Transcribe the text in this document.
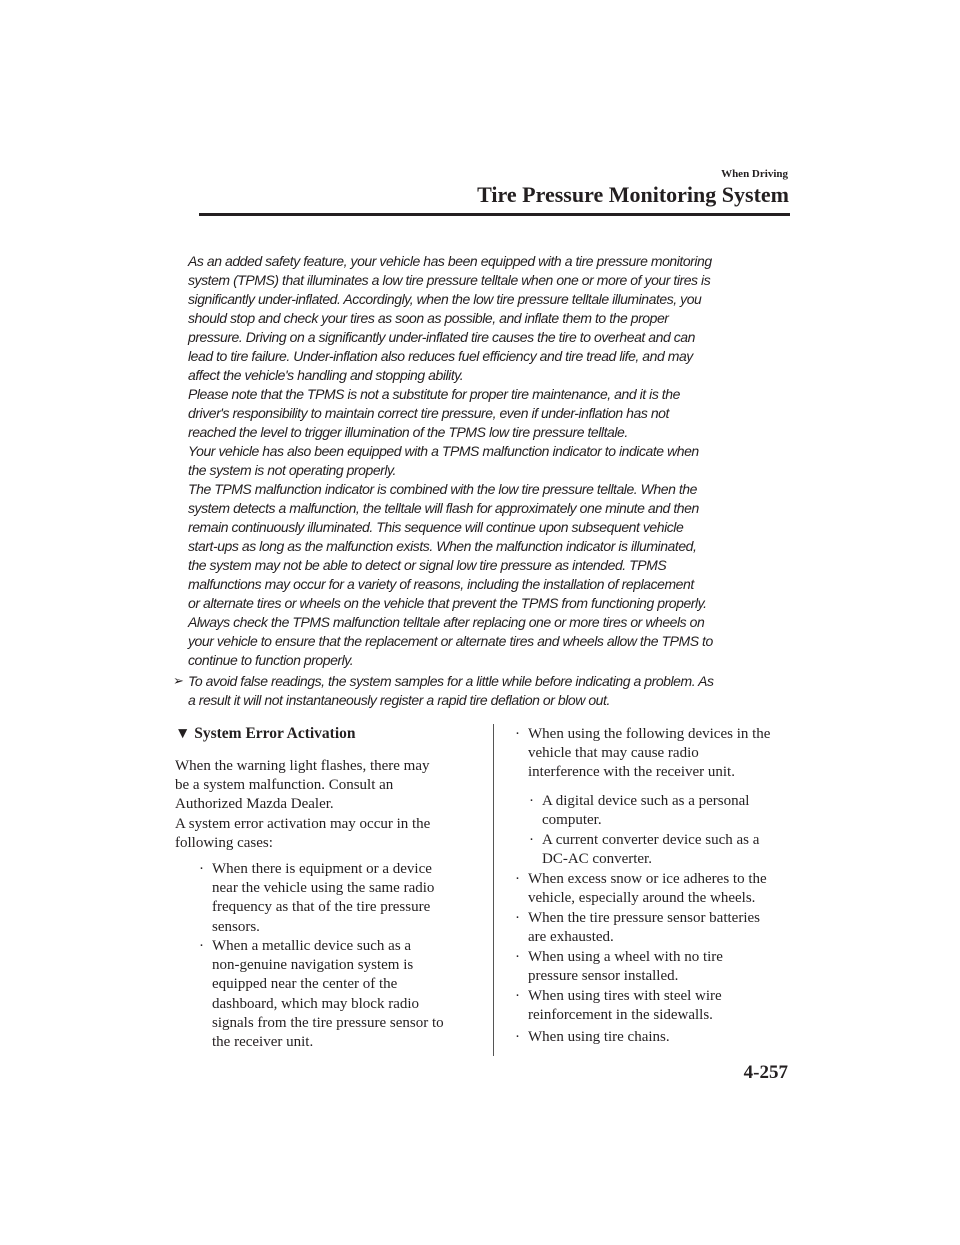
When Driving
Tire Pressure Monitoring System
As an added safety feature, your vehicle has been equipped with a tire pressure monitoring
system (TPMS) that illuminates a low tire pressure telltale when one or more of your tires is
significantly under-inflated. Accordingly, when the low tire pressure telltale illuminates, you
should stop and check your tires as soon as possible, and inflate them to the proper
pressure. Driving on a significantly under-inflated tire causes the tire to overheat and can
lead to tire failure. Under-inflation also reduces fuel efficiency and tire tread life, and may
affect the vehicle's handling and stopping ability.
Please note that the TPMS is not a substitute for proper tire maintenance, and it is the
driver's responsibility to maintain correct tire pressure, even if under-inflation has not
reached the level to trigger illumination of the TPMS low tire pressure telltale.
Your vehicle has also been equipped with a TPMS malfunction indicator to indicate when
the system is not operating properly.
The TPMS malfunction indicator is combined with the low tire pressure telltale. When the
system detects a malfunction, the telltale will flash for approximately one minute and then
remain continuously illuminated. This sequence will continue upon subsequent vehicle
start-ups as long as the malfunction exists. When the malfunction indicator is illuminated,
the system may not be able to detect or signal low tire pressure as intended. TPMS
malfunctions may occur for a variety of reasons, including the installation of replacement
or alternate tires or wheels on the vehicle that prevent the TPMS from functioning properly.
Always check the TPMS malfunction telltale after replacing one or more tires or wheels on
your vehicle to ensure that the replacement or alternate tires and wheels allow the TPMS to
continue to function properly.
➢ To avoid false readings, the system samples for a little while before indicating a problem. As
a result it will not instantaneously register a rapid tire deflation or blow out.
▼ System Error Activation
When the warning light flashes, there may
be a system malfunction. Consult an
Authorized Mazda Dealer.
A system error activation may occur in the
following cases:
· When there is equipment or a device
near the vehicle using the same radio
frequency as that of the tire pressure
sensors.
· When a metallic device such as a
non-genuine navigation system is
equipped near the center of the
dashboard, which may block radio
signals from the tire pressure sensor to
the receiver unit.
· When using the following devices in the
vehicle that may cause radio
interference with the receiver unit.
· When excess snow or ice adheres to the
vehicle, especially around the wheels.
· When the tire pressure sensor batteries
are exhausted.
· When using a wheel with no tire
pressure sensor installed.
· When using tires with steel wire
reinforcement in the sidewalls.
· When using tire chains.
· A digital device such as a personal
computer.
· A current converter device such as a
DC-AC converter.
4-257
